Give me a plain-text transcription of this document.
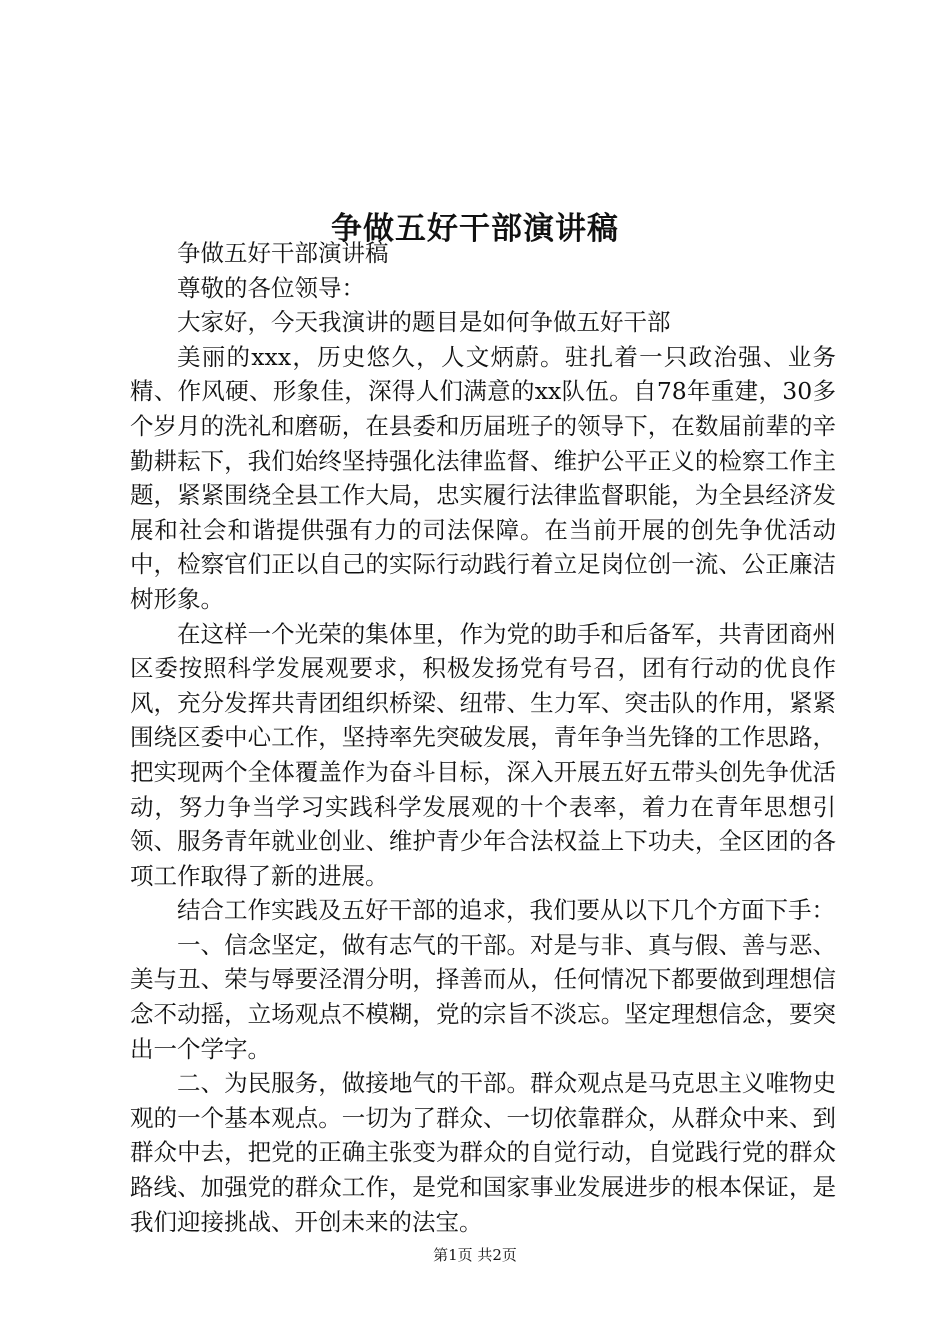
争做五好干部演讲稿

争做五好干部演讲稿

尊敬的各位领导：

大家好，今天我演讲的题目是如何争做五好干部

美丽的xxx，历史悠久，人文炳蔚。驻扎着一只政治强、业务精、作风硬、形象佳，深得人们满意的xx队伍。自78年重建，30多个岁月的洗礼和磨砺，在县委和历届班子的领导下，在数届前辈的辛勤耕耘下，我们始终坚持强化法律监督、维护公平正义的检察工作主题，紧紧围绕全县工作大局，忠实履行法律监督职能，为全县经济发展和社会和谐提供强有力的司法保障。在当前开展的创先争优活动中，检察官们正以自己的实际行动践行着立足岗位创一流、公正廉洁树形象。

在这样一个光荣的集体里，作为党的助手和后备军，共青团商州区委按照科学发展观要求，积极发扬党有号召，团有行动的优良作风，充分发挥共青团组织桥梁、纽带、生力军、突击队的作用，紧紧围绕区委中心工作，坚持率先突破发展，青年争当先锋的工作思路，把实现两个全体覆盖作为奋斗目标，深入开展五好五带头创先争优活动，努力争当学习实践科学发展观的十个表率，着力在青年思想引领、服务青年就业创业、维护青少年合法权益上下功夫，全区团的各项工作取得了新的进展。

结合工作实践及五好干部的追求，我们要从以下几个方面下手：

一、信念坚定，做有志气的干部。对是与非、真与假、善与恶、美与丑、荣与辱要泾渭分明，择善而从，任何情况下都要做到理想信念不动摇，立场观点不模糊，党的宗旨不淡忘。坚定理想信念，要突出一个学字。

二、为民服务，做接地气的干部。群众观点是马克思主义唯物史观的一个基本观点。一切为了群众、一切依靠群众，从群众中来、到群众中去，把党的正确主张变为群众的自觉行动，自觉践行党的群众路线、加强党的群众工作，是党和国家事业发展进步的根本保证，是我们迎接挑战、开创未来的法宝。

第1页 共2页
